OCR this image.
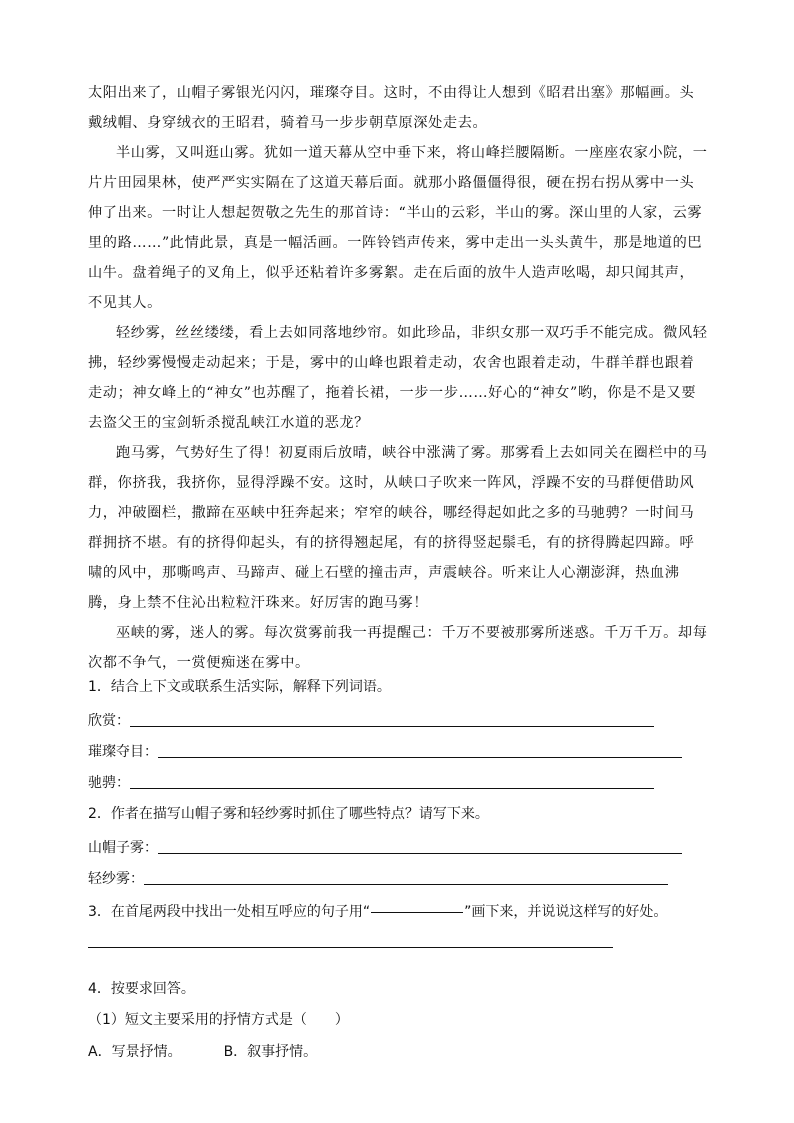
太阳出来了，山帽子雾银光闪闪，璀璨夺目。这时，不由得让人想到《昭君出塞》那幅画。头戴绒帽、身穿绒衣的王昭君，骑着马一步步朝草原深处走去。

半山雾，又叫逛山雾。犹如一道天幕从空中垂下来，将山峰拦腰隔断。一座座农家小院，一片片田园果林，使严严实实隔在了这道天幕后面。就那小路僵僵得很，硬在拐右拐从雾中一头伸了出来。一时让人想起贺敬之先生的那首诗：“半山的云彩，半山的雾。深山里的人家，云雾里的路……”此情此景，真是一幅活画。一阵铃铛声传来，雾中走出一头头黄牛，那是地道的巴山牛。盘着绳子的叉角上，似乎还粘着许多雾絮。走在后面的放牛人造声吆喝，却只闻其声，不见其人。

轻纱雾，丝丝缕缕，看上去如同落地纱帘。如此珍品，非织女那一双巧手不能完成。微风轻拂，轻纱雾慢慢走动起来；于是，雾中的山峰也跟着走动，农舍也跟着走动，牛群羊群也跟着走动；神女峰上的“神女”也苏醒了，拖着长裙，一步一步……好心的“神女”哟，你是不是又要去盗父王的宝剑斩杀搅乱峡江水道的恶龙？

跑马雾，气势好生了得！初夏雨后放晴，峡谷中涨满了雾。那雾看上去如同关在圈栏中的马群，你挤我，我挤你，显得浮躁不安。这时，从峡口子吹来一阵风，浮躁不安的马群便借助风力，冲破圈栏，撒蹄在巫峡中狂奔起来；窄窄的峡谷，哪经得起如此之多的马驰骋？一时间马群拥挤不堪。有的挤得仰起头，有的挤得翘起尾，有的挤得竖起鬃毛，有的挤得腾起四蹄。呼啸的风中，那嘶鸣声、马蹄声、碰上石壁的撞击声，声震峡谷。听来让人心潮澎湃，热血沸腾，身上禁不住沁出粒粒汗珠来。好厉害的跑马雾！

巫峡的雾，迷人的雾。每次赏雾前我一再提醒己：千万不要被那雾所迷惑。千万千万。却每次都不争气，一赏便痴迷在雾中。

1．结合上下文或联系生活实际，解释下列词语。

欣赏：
璀璨夺目：
驰骋：

2．作者在描写山帽子雾和轻纱雾时抓住了哪些特点？请写下来。

山帽子雾：
轻纱雾：

3．在首尾两段中找出一处相互呼应的句子用“	”画下来，并说说这样写的好处。

4．按要求回答。

（1）短文主要采用的抒情方式是（　　）

A．写景抒情。	B．叙事抒情。
